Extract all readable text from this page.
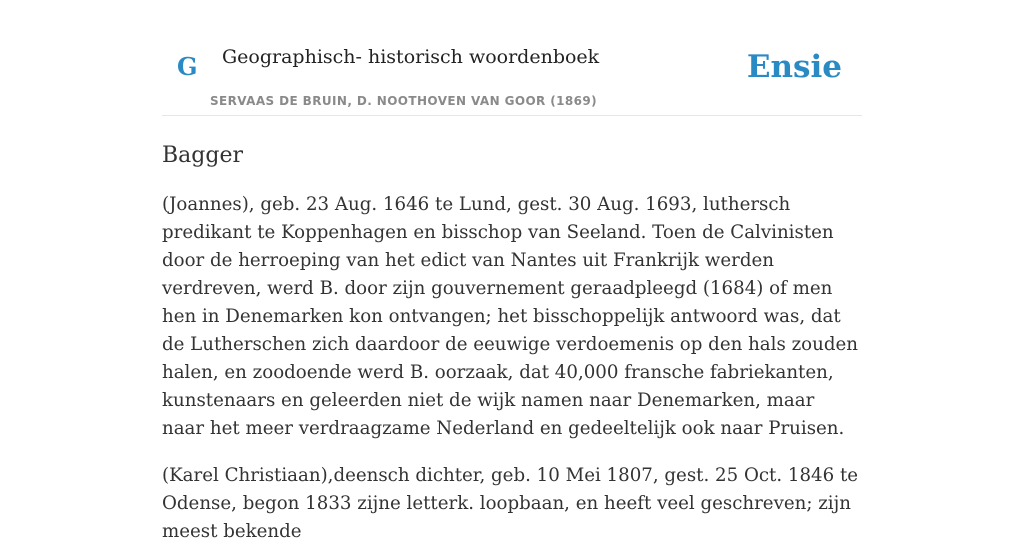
G Geographisch- historisch woordenboek
SERVAAS DE BRUIN, D. NOOTHOVEN VAN GOOR (1869)
Ensie
Bagger

(Joannes), geb. 23 Aug. 1646 te Lund, gest. 30 Aug. 1693, luthersch predikant te Koppenhagen en bisschop van Seeland. Toen de Calvinisten door de herroeping van het edict van Nantes uit Frankrijk werden verdreven, werd B. door zijn gouvernement geraadpleegd (1684) of men hen in Denemarken kon ontvangen; het bisschoppelijk antwoord was, dat de Lutherschen zich daardoor de eeuwige verdoemenis op den hals zouden halen, en zoodoende werd B. oorzaak, dat 40,000 fransche fabriekanten, kunstenaars en geleerden niet de wijk namen naar Denemarken, maar naar het meer verdraagzame Nederland en gedeeltelijk ook naar Pruisen.

(Karel Christiaan),deensch dichter, geb. 10 Mei 1807, gest. 25 Oct. 1846 te Odense, begon 1833 zijne letterk. loopbaan, en heeft veel geschreven; zijn meest bekende
